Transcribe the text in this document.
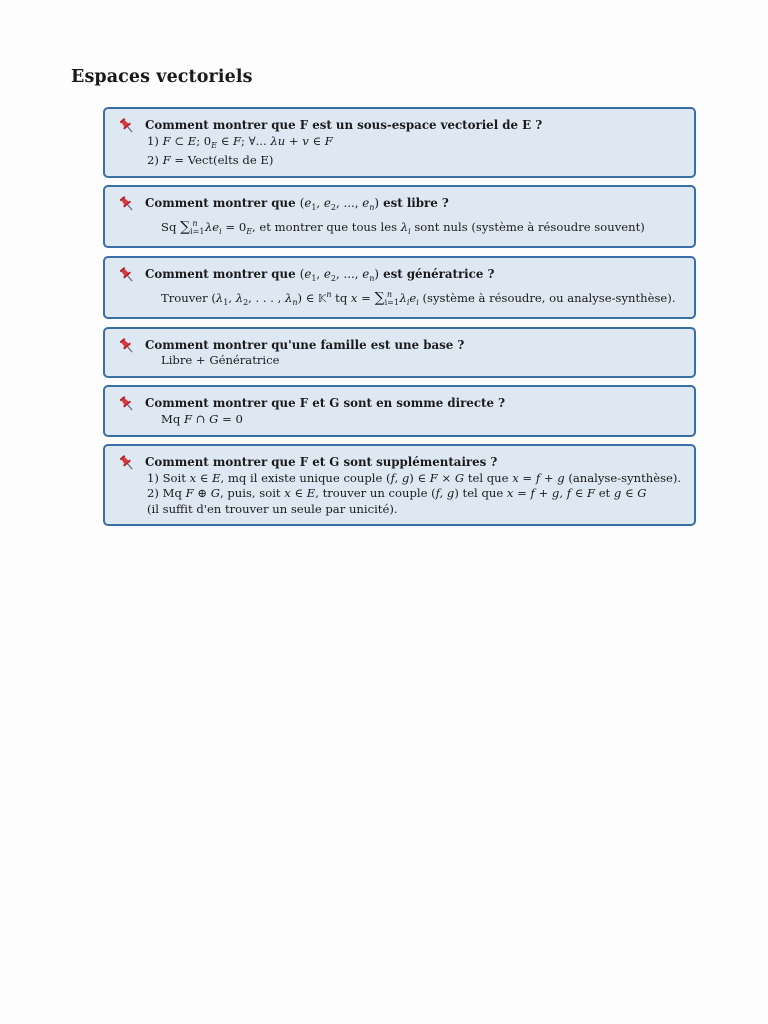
Espaces vectoriels
Comment montrer que F est un sous-espace vectoriel de E ?
1) F ⊂ E; $0_E$ ∈ F; ∀... λu + v ∈ F
2) F = Vect(elts de E)
Comment montrer que ($e_1$, $e_2$, ..., $e_n$) est libre ?
Sq $\sum_{i=1}^n$ $\lambda e_i = 0_E$, et montrer que tous les $\lambda_i$ sont nuls (système à résoudre souvent)
Comment montrer que ($e_1$, $e_2$, ..., $e_n$) est génératrice ?
Trouver ($\lambda_1$, $\lambda_2$, . . . , $\lambda_n$) ∈ 𝕂$^n$ tq $x = \sum_{i=1}^n$ $\lambda_ie_i$ (système à résoudre, ou analyse-synthèse).
Comment montrer qu'une famille est une base ?
Libre + Génératrice
Comment montrer que F et G sont en somme directe ?
Mq F ∩ G = 0
Comment montrer que F et G sont supplémentaires ?
1) Soit x ∈ E, mq il existe unique couple (f, g) ∈ F × G tel que x = f + g (analyse-synthèse).
2) Mq F ⊕ G, puis, soit x ∈ E, trouver un couple (f, g) tel que x = f + g, f ∈ F et g ∈ G
(il suffit d'en trouver un seule par unicité).
